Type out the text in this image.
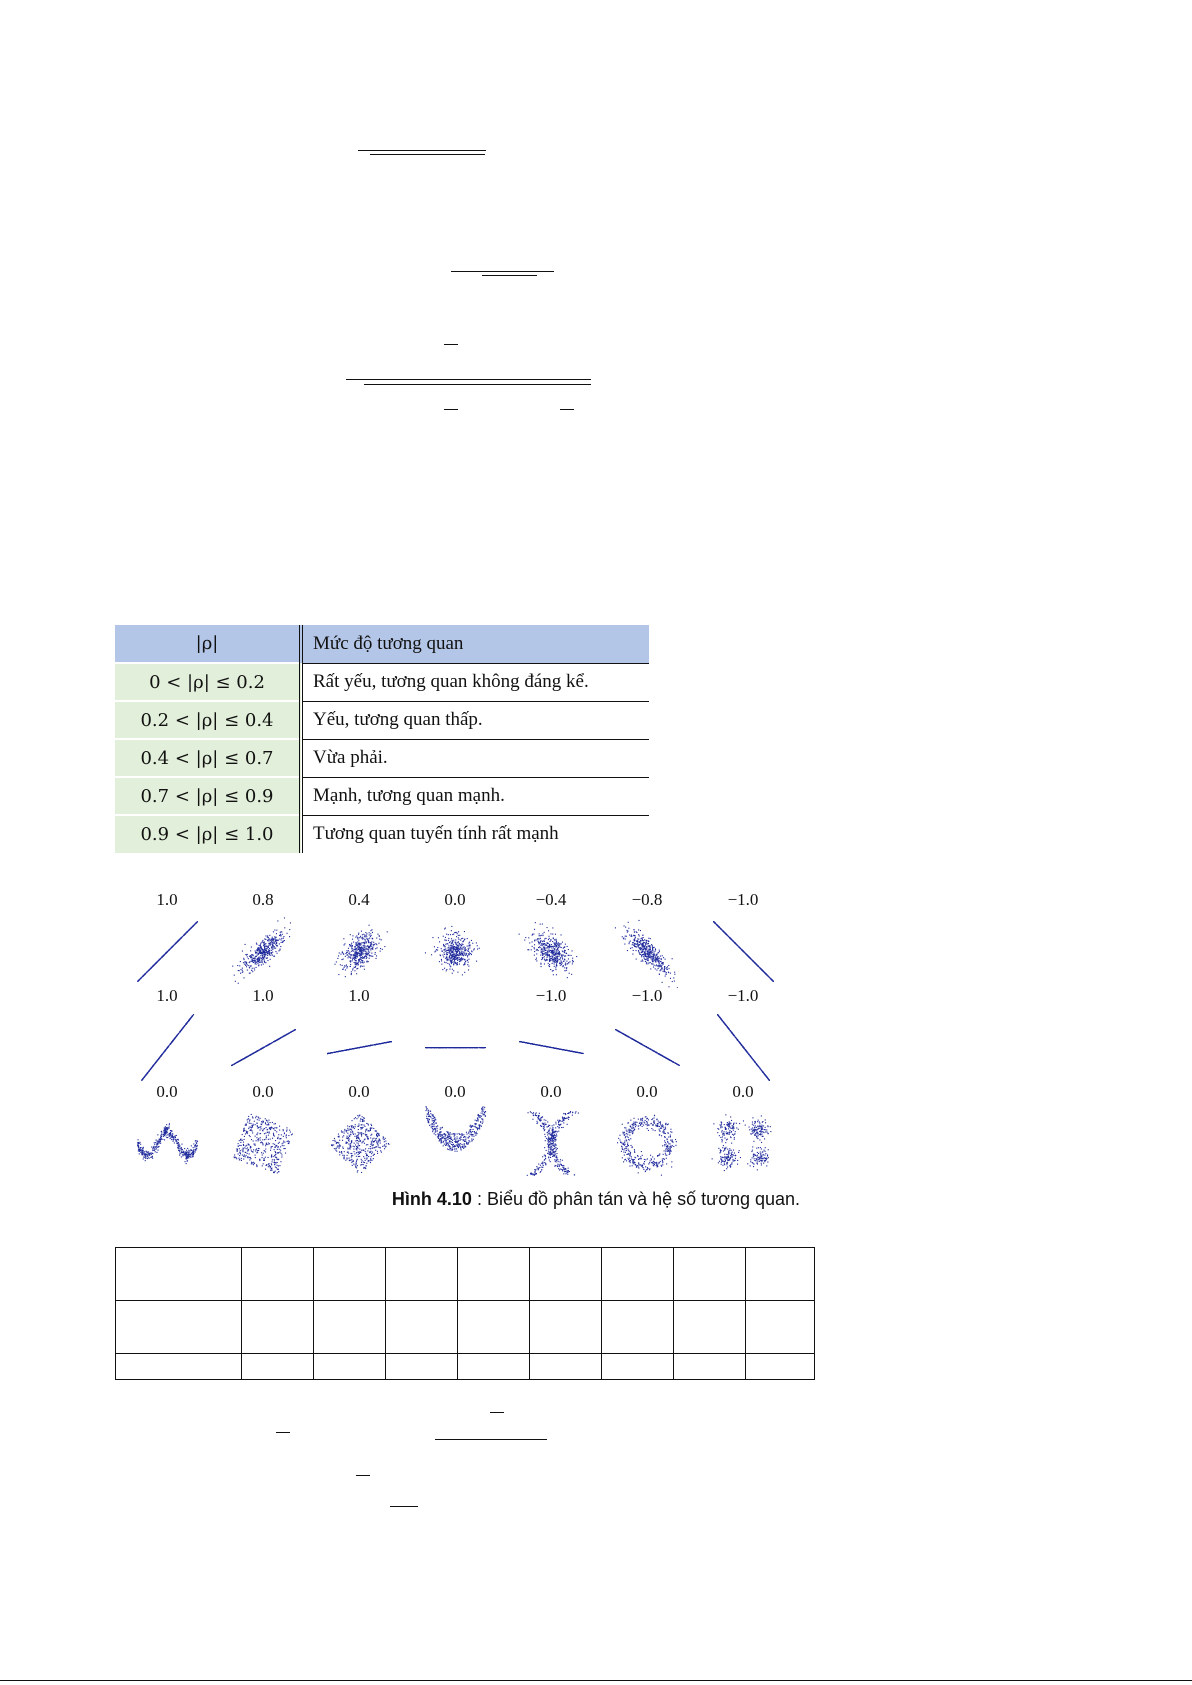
|ρ|	Mức độ tương quan
0 < |ρ| ≤ 0.2	Rất yếu, tương quan không đáng kể.
0.2 < |ρ| ≤ 0.4	Yếu, tương quan thấp.
0.4 < |ρ| ≤ 0.7	Vừa phải.
0.7 < |ρ| ≤ 0.9	Mạnh, tương quan mạnh.
0.9 < |ρ| ≤ 1.0	Tương quan tuyến tính rất mạnh
1.0	0.8	0.4	0.0	−0.4	−0.8	−1.0
1.0	1.0	1.0	−1.0	−1.0	−1.0
0.0	0.0	0.0	0.0	0.0	0.0	0.0
Hình 4.10 : Biểu đồ phân tán và hệ số tương quan.
